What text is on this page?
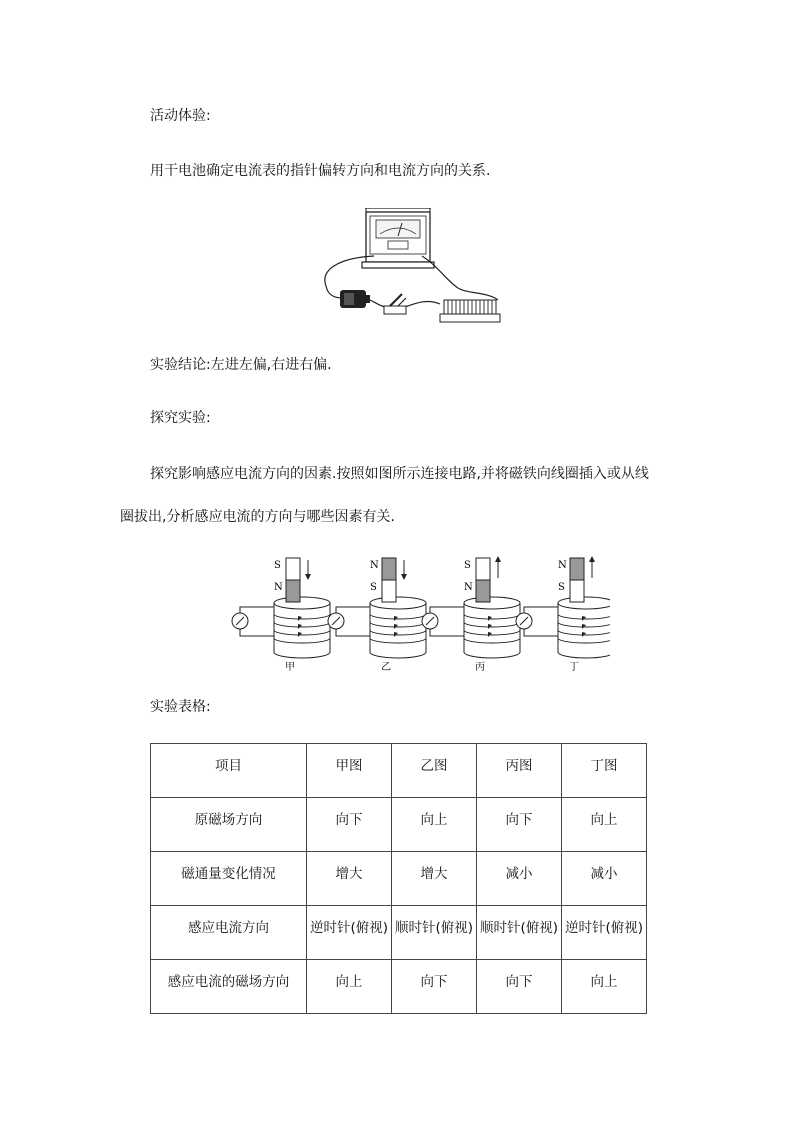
活动体验:
用干电池确定电流表的指针偏转方向和电流方向的关系.
实验结论:左进左偏,右进右偏.
探究实验:
探究影响感应电流方向的因素.按照如图所示连接电路,并将磁铁向线圈插入或从线
圈拔出,分析感应电流的方向与哪些因素有关.
S
N
N
S
S
N
N
S
甲	乙	丙	丁
实验表格:
项目	甲图	乙图	丙图	丁图
原磁场方向	向下	向上	向下	向上
磁通量变化情况	增大	增大	减小	减小
感应电流方向	逆时针(俯视)	顺时针(俯视)	顺时针(俯视)	逆时针(俯视)
感应电流的磁场方向	向上	向下	向下	向上
